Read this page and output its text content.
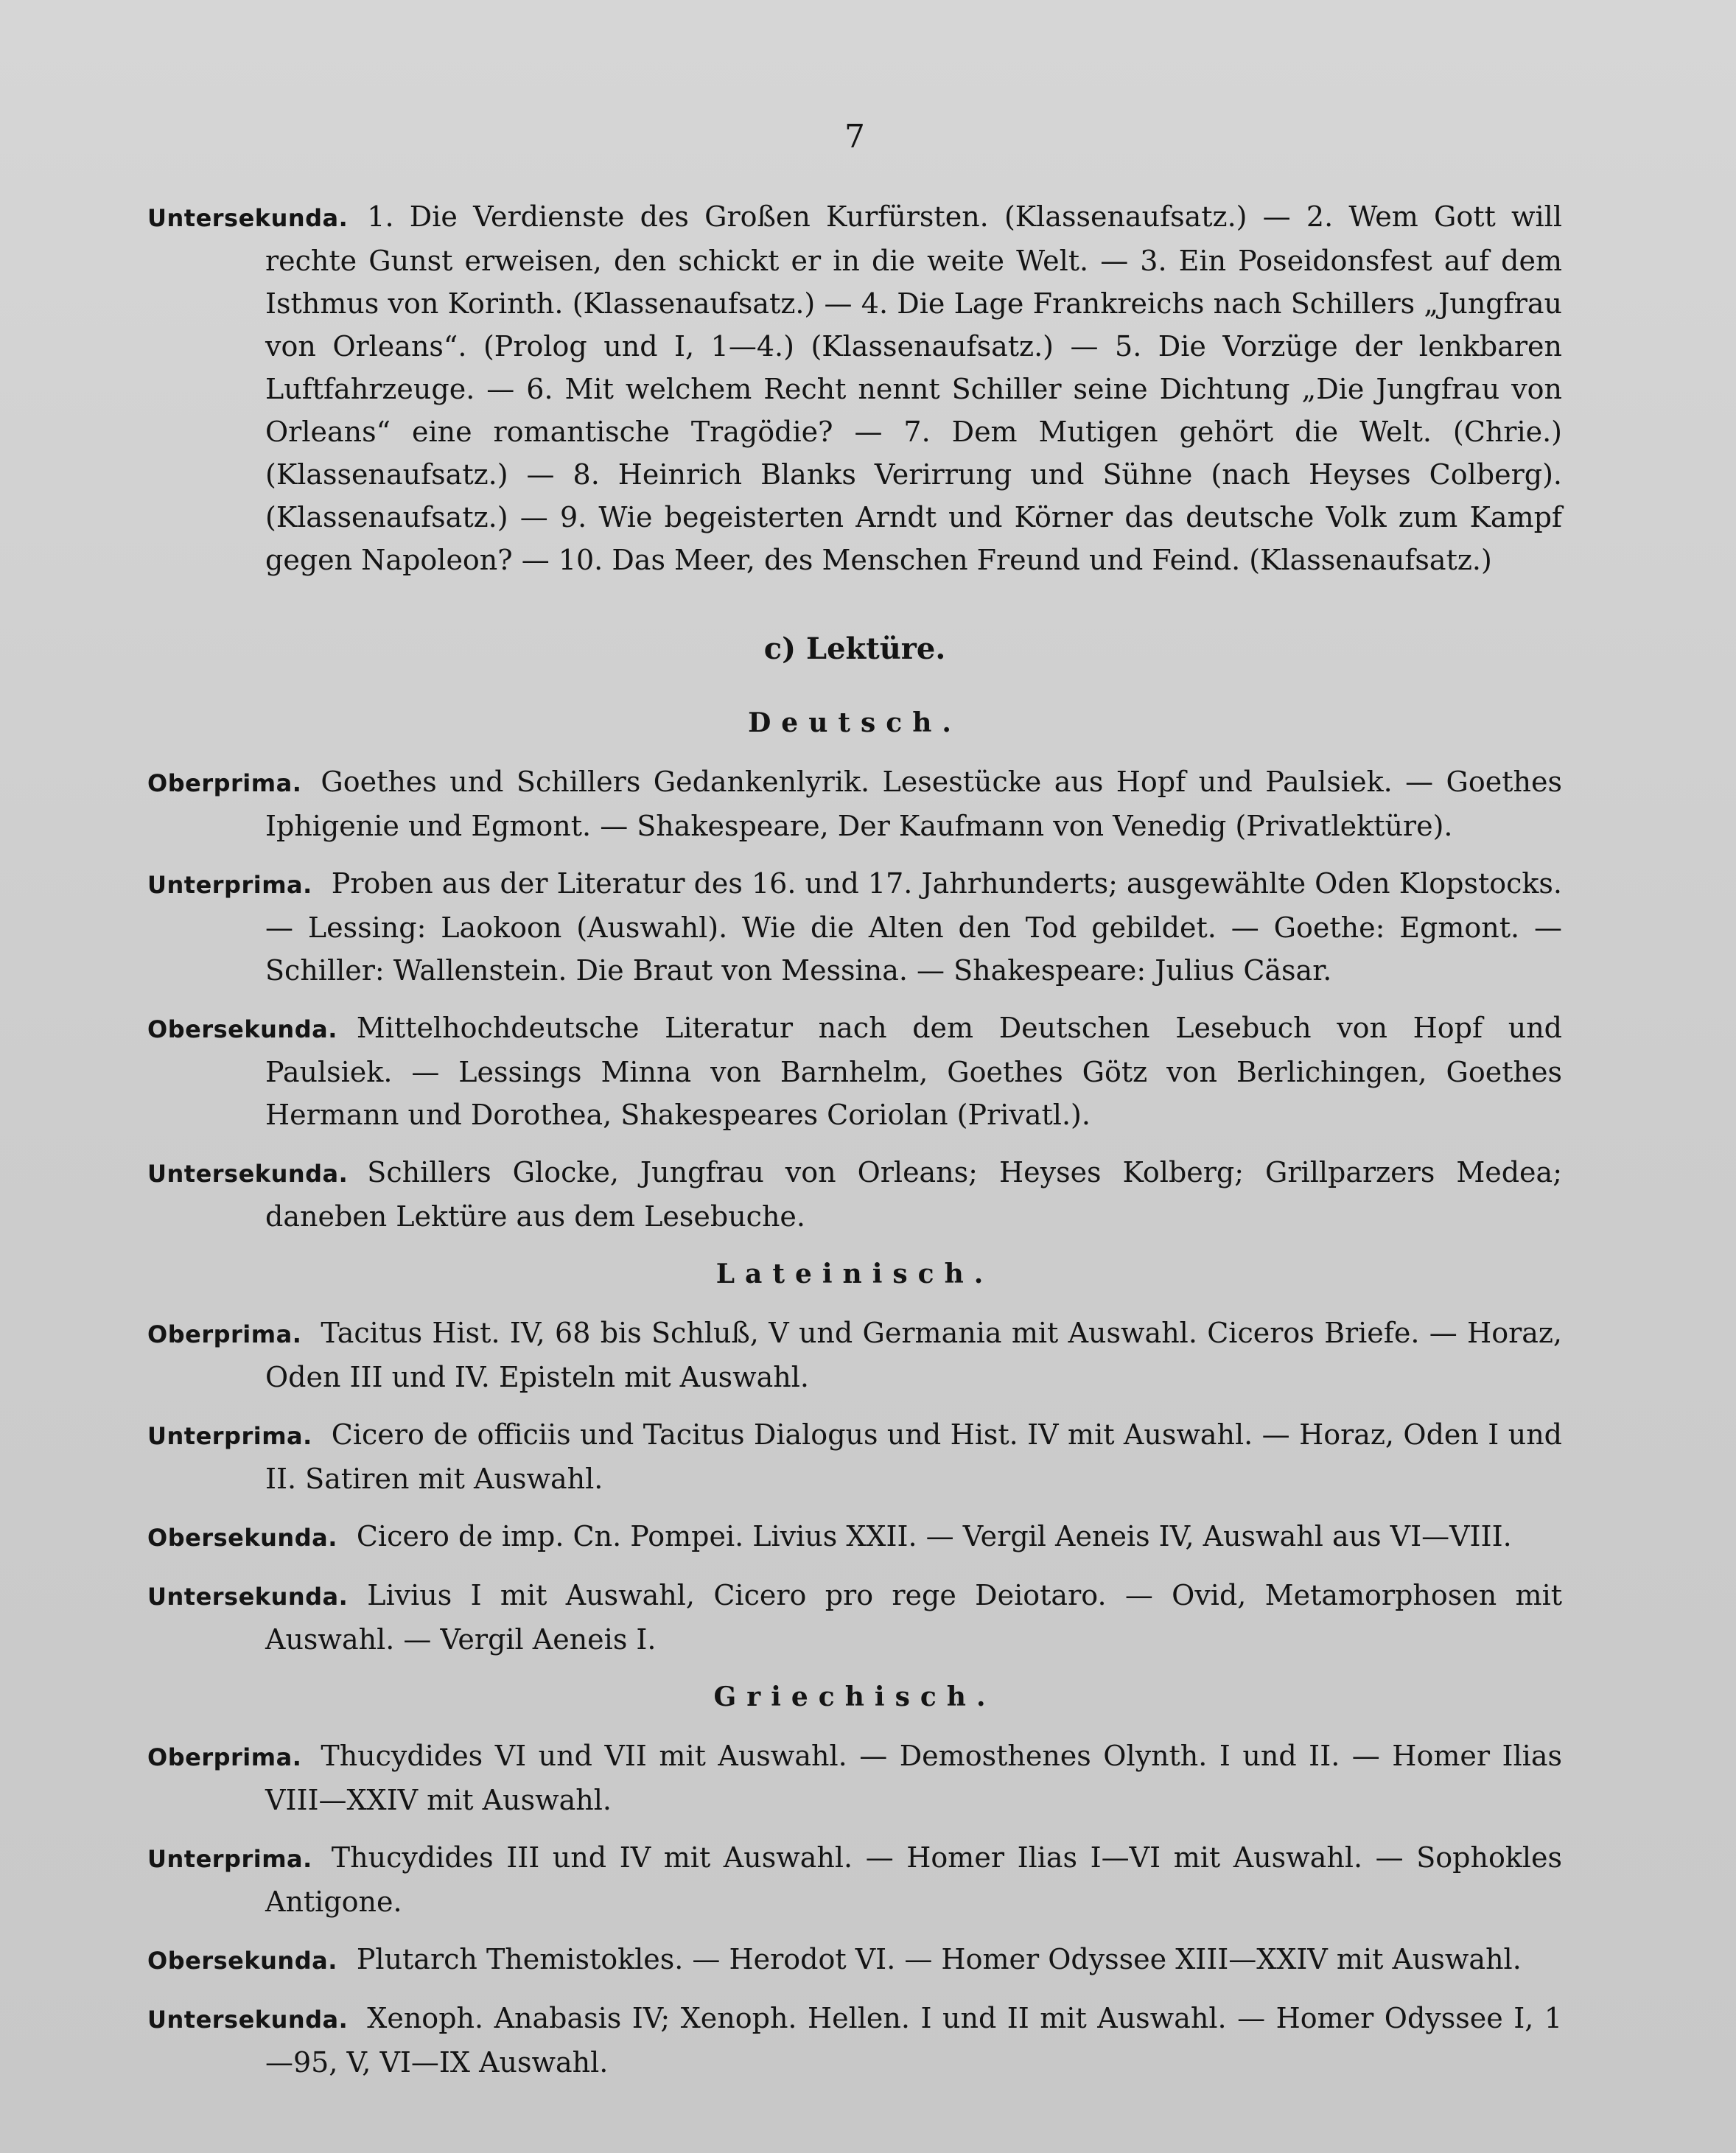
7

Untersekunda. 1. Die Verdienste des Großen Kurfürsten. (Klassenaufsatz.) — 2. Wem Gott will rechte Gunst erweisen, den schickt er in die weite Welt. — 3. Ein Poseidonsfest auf dem Isthmus von Korinth. (Klassenaufsatz.) — 4. Die Lage Frankreichs nach Schillers „Jungfrau von Orleans“. (Prolog und I, 1—4.) (Klassenaufsatz.) — 5. Die Vorzüge der lenkbaren Luftfahrzeuge. — 6. Mit welchem Recht nennt Schiller seine Dichtung „Die Jungfrau von Orleans“ eine romantische Tragödie? — 7. Dem Mutigen gehört die Welt. (Chrie.) (Klassenaufsatz.) — 8. Heinrich Blanks Verirrung und Sühne (nach Heyses Colberg). (Klassenaufsatz.) — 9. Wie begeisterten Arndt und Körner das deutsche Volk zum Kampf gegen Napoleon? — 10. Das Meer, des Menschen Freund und Feind. (Klassenaufsatz.)

c) Lektüre.
Deutsch.

Oberprima. Goethes und Schillers Gedankenlyrik. Lesestücke aus Hopf und Paulsiek. — Goethes Iphigenie und Egmont. — Shakespeare, Der Kaufmann von Venedig (Privatlektüre).

Unterprima. Proben aus der Literatur des 16. und 17. Jahrhunderts; ausgewählte Oden Klopstocks. — Lessing: Laokoon (Auswahl). Wie die Alten den Tod gebildet. — Goethe: Egmont. — Schiller: Wallenstein. Die Braut von Messina. — Shakespeare: Julius Cäsar.

Obersekunda. Mittelhochdeutsche Literatur nach dem Deutschen Lesebuch von Hopf und Paulsiek. — Lessings Minna von Barnhelm, Goethes Götz von Berlichingen, Goethes Hermann und Dorothea, Shakespeares Coriolan (Privatl.).

Untersekunda. Schillers Glocke, Jungfrau von Orleans; Heyses Kolberg; Grillparzers Medea; daneben Lektüre aus dem Lesebuche.

Lateinisch.

Oberprima. Tacitus Hist. IV, 68 bis Schluß, V und Germania mit Auswahl. Ciceros Briefe. — Horaz, Oden III und IV. Episteln mit Auswahl.

Unterprima. Cicero de officiis und Tacitus Dialogus und Hist. IV mit Auswahl. — Horaz, Oden I und II. Satiren mit Auswahl.

Obersekunda. Cicero de imp. Cn. Pompei. Livius XXII. — Vergil Aeneis IV, Auswahl aus VI—VIII.

Untersekunda. Livius I mit Auswahl, Cicero pro rege Deiotaro. — Ovid, Metamorphosen mit Auswahl. — Vergil Aeneis I.

Griechisch.

Oberprima. Thucydides VI und VII mit Auswahl. — Demosthenes Olynth. I und II. — Homer Ilias VIII—XXIV mit Auswahl.

Unterprima. Thucydides III und IV mit Auswahl. — Homer Ilias I—VI mit Auswahl. — Sophokles Antigone.

Obersekunda. Plutarch Themistokles. — Herodot VI. — Homer Odyssee XIII—XXIV mit Auswahl.

Untersekunda. Xenoph. Anabasis IV; Xenoph. Hellen. I und II mit Auswahl. — Homer Odyssee I, 1—95, V, VI—IX Auswahl.
